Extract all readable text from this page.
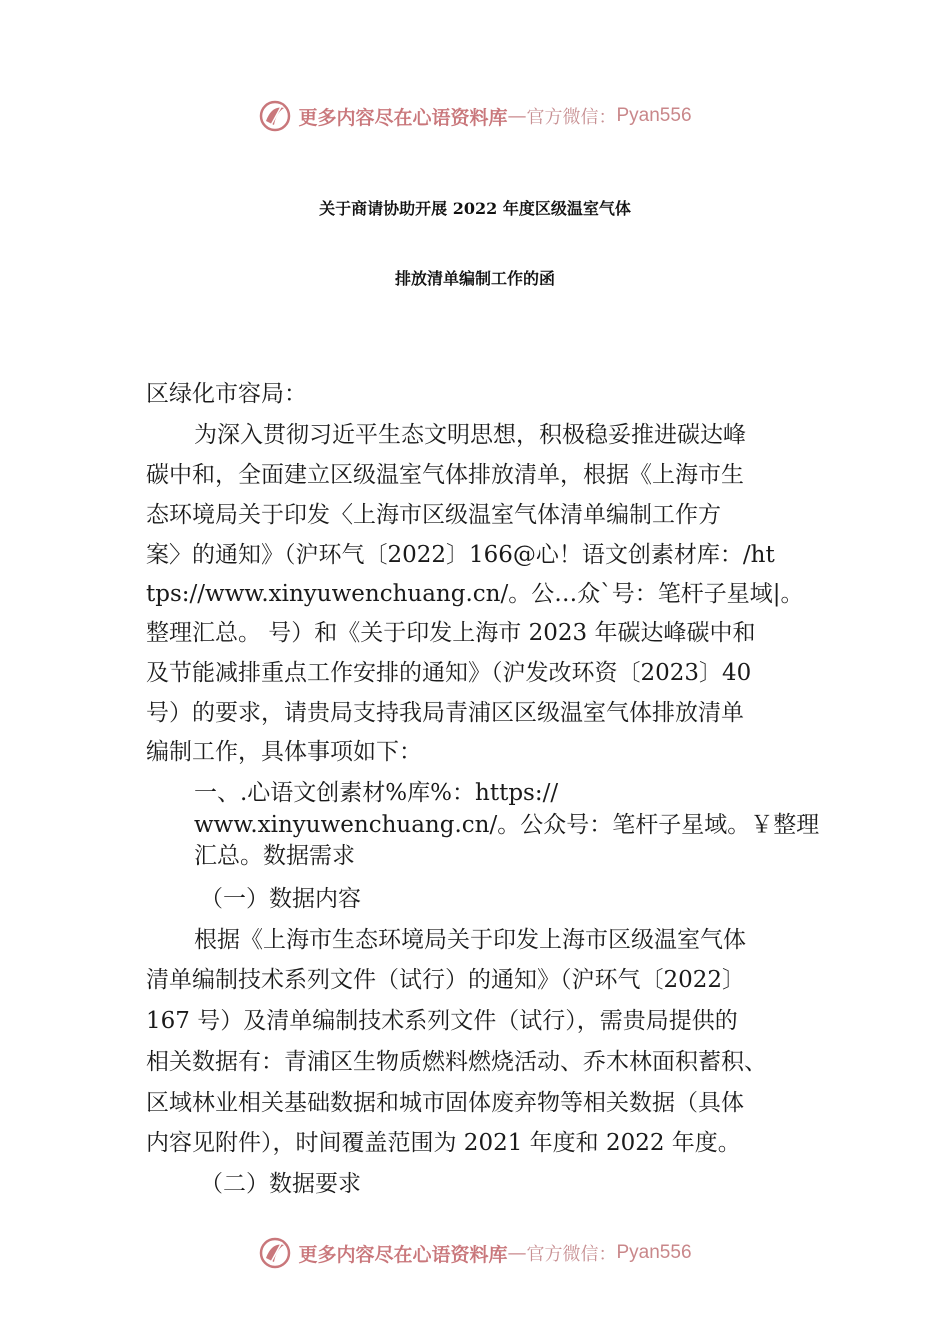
更多内容尽在心语资料库 — 官方微信： Pyan556
关于商请协助开展 2022 年度区级温室气体
排放清单编制工作的函
区绿化市容局：
为深入贯彻习近平生态文明思想，积极稳妥推进碳达峰
碳中和，全面建立区级温室气体排放清单，根据《上海市生
态环境局关于印发〈上海市区级温室气体清单编制工作方
案〉的通知》（沪环气〔2022〕166@心！语文创素材库：/ht
tps://www.xinyuwenchuang.cn/。公…众`号：笔杆子星域|。
整理汇总。 号）和《关于印发上海市 2023 年碳达峰碳中和
及节能减排重点工作安排的通知》（沪发改环资〔2023〕40
号）的要求，请贵局支持我局青浦区区级温室气体排放清单
编制工作，具体事项如下：
一、.心语文创素材%库%：https://
www.xinyuwenchuang.cn/。公众号：笔杆子星域。￥整理
汇总。数据需求
（一）数据内容
根据《上海市生态环境局关于印发上海市区级温室气体
清单编制技术系列文件（试行）的通知》（沪环气〔2022〕
167 号）及清单编制技术系列文件（试行），需贵局提供的
相关数据有：青浦区生物质燃料燃烧活动、乔木林面积蓄积、
区域林业相关基础数据和城市固体废弃物等相关数据（具体
内容见附件），时间覆盖范围为 2021 年度和 2022 年度。
（二）数据要求
更多内容尽在心语资料库 — 官方微信： Pyan556
